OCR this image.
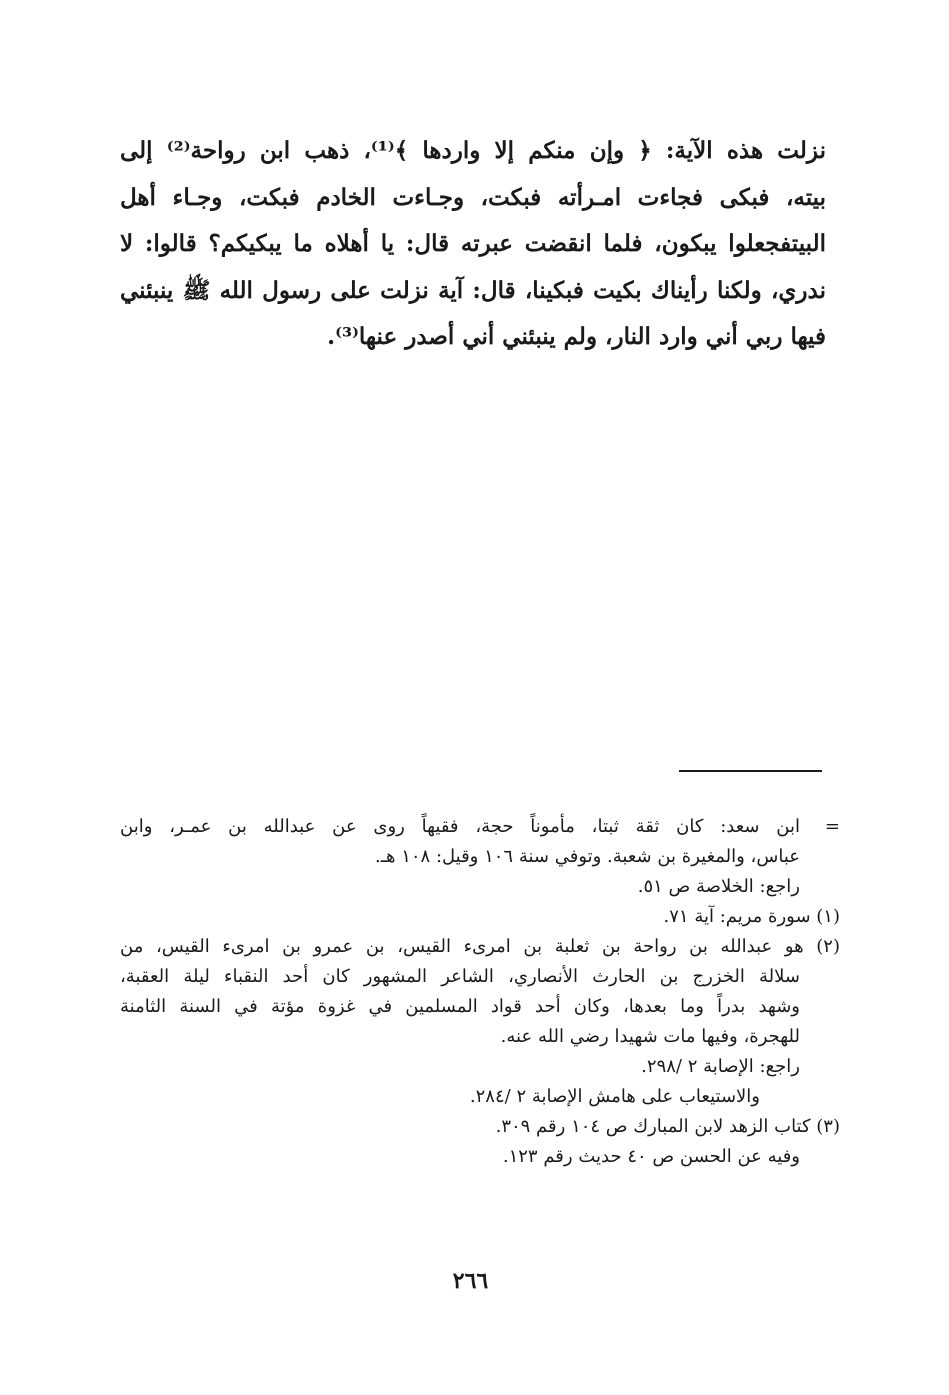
نزلت هذه الآية: ﴿ وإن منكم إلا واردها ﴾⁽¹⁾، ذهب ابن رواحة⁽²⁾ إلى
بيته، فبكى فجاءت امـرأته فبكت، وجـاءت الخادم فبكت، وجـاء أهل
البيتفجعلوا يبكون، فلما انقضت عبرته قال: يا أهلاه ما يبكيكم؟ قالوا: لا
ندري، ولكنا رأيناك بكيت فبكينا، قال: آية نزلت على رسول الله ﷺ ينبئني
فيها ربي أني وارد النار، ولم ينبئني أني أصدر عنها⁽³⁾.
=
ابن سعد: كان ثقة ثبتا، مأموناً حجة، فقيهاً روى عن عبدالله بن عمـر، وابن
عباس، والمغيرة بن شعبة. وتوفي سنة ١٠٦ وقيل: ١٠٨ هـ.
راجع: الخلاصة ص ٥١.
(١) سورة مريم: آية ٧١.
(٢) هو عبدالله بن رواحة بن ثعلبة بن امرىء القيس، بن عمرو بن امرىء القيس، من
سلالة الخزرج بن الحارث الأنصاري، الشاعر المشهور كان أحد النقباء ليلة العقبة،
وشهد بدراً وما بعدها، وكان أحد قواد المسلمين في غزوة مؤتة في السنة الثامنة
للهجرة، وفيها مات شهيدا رضي الله عنه.
راجع: الإصابة ٢ /٢٩٨.
والاستيعاب على هامش الإصابة ٢ /٢٨٤.
(٣) كتاب الزهد لابن المبارك ص ١٠٤ رقم ٣٠٩.
وفيه عن الحسن ص ٤٠ حديث رقم ١٢٣.
٢٦٦
